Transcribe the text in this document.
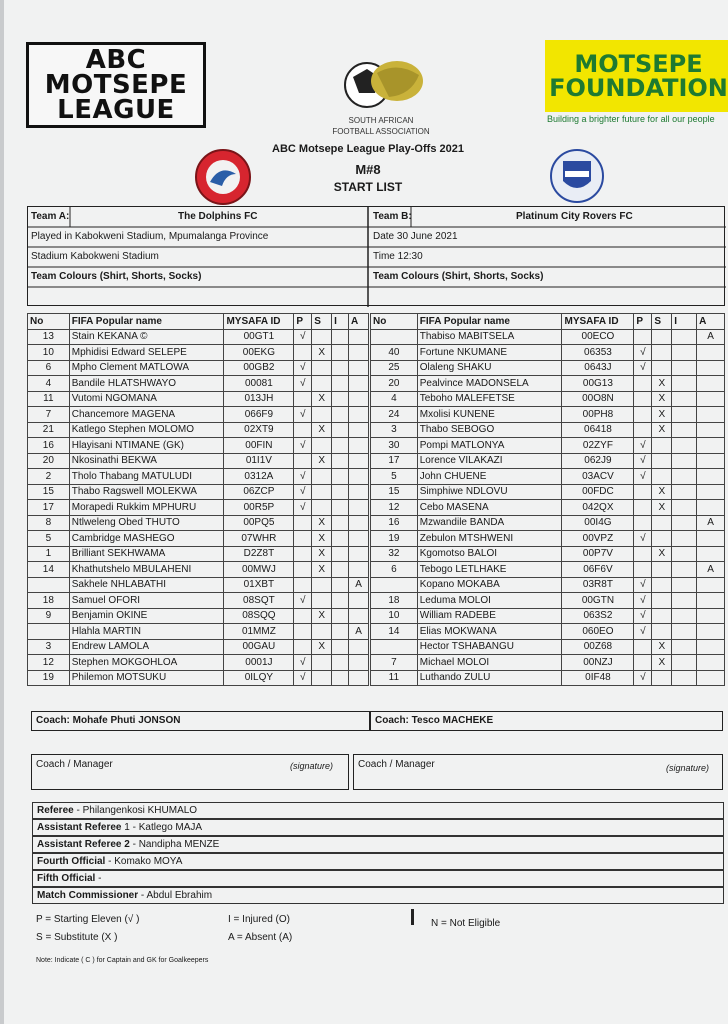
ABC
MOTSEPE
LEAGUE	SOUTH AFRICAN
FOOTBALL ASSOCIATION
MOTSEPE
FOUNDATION
Building a brighter future for all our people
ABC Motsepe League Play-Offs 2021
M#8
START LIST
Team A:	The Dolphins FC	Team B:	Platinum City Rovers FC
Played in Kabokweni Stadium, Mpumalanga Province	Date 30 June 2021
Stadium Kabokweni Stadium	Time 12:30
Team Colours (Shirt, Shorts, Socks)	Team Colours (Shirt, Shorts, Socks)
No	FIFA Popular name	MYSAFA ID	P	S	I	A
13	Stain KEKANA ©	00GT1	√			
10	Mphidisi Edward SELEPE	00EKG		X		
6	Mpho Clement MATLOWA	00GB2	√			
4	Bandile HLATSHWAYO	00081	√			
11	Vutomi NGOMANA	013JH		X		
7	Chancemore MAGENA	066F9	√			
21	Katlego Stephen MOLOMO	02XT9		X		
16	Hlayisani NTIMANE (GK)	00FIN	√			
20	Nkosinathi BEKWA	01I1V		X		
2	Tholo Thabang MATULUDI	0312A	√			
15	Thabo Ragswell MOLEKWA	06ZCP	√			
17	Morapedi Rukkim MPHURU	00R5P	√			
8	Ntlweleng Obed THUTO	00PQ5		X		
5	Cambridge MASHEGO	07WHR		X		
1	Brilliant SEKHWAMA	D2Z8T		X		
14	Khathutshelo MBULAHENI	00MWJ		X		
	Sakhele NHLABATHI	01XBT				A
18	Samuel OFORI	08SQT	√			
9	Benjamin OKINE	08SQQ		X		
	Hlahla MARTIN	01MMZ				A
3	Endrew LAMOLA	00GAU		X		
12	Stephen MOKGOHLOA	0001J	√			
19	Philemon MOTSUKU	0ILQY	√			
No	FIFA Popular name	MYSAFA ID	P	S	I	A
	Thabiso MABITSELA	00ECO				A
40	Fortune NKUMANE	06353	√			
25	Olaleng SHAKU	0643J	√			
20	Pealvince MADONSELA	00G13		X		
4	Teboho MALEFETSE	00O8N		X		
24	Mxolisi KUNENE	00PH8		X		
3	Thabo SEBOGO	06418		X		
30	Pompi MATLONYA	02ZYF	√			
17	Lorence VILAKAZI	062J9	√			
5	John CHUENE	03ACV	√			
15	Simphiwe NDLOVU	00FDC		X		
12	Cebo MASENA	042QX		X		
16	Mzwandile BANDA	00I4G				A
19	Zebulon MTSHWENI	00VPZ	√			
32	Kgomotso BALOI	00P7V		X		
6	Tebogo LETLHAKE	06F6V				A
	Kopano MOKABA	03R8T	√			
18	Leduma MOLOI	00GTN	√			
10	William RADEBE	063S2	√			
14	Elias MOKWANA	060EO	√			
	Hector TSHABANGU	00Z68		X		
7	Michael MOLOI	00NZJ		X		
11	Luthando ZULU	0IF48	√			
Coach: Mohafe Phuti JONSON	Coach: Tesco MACHEKE
Coach / Manager	(signature) Coach / Manager	(signature)
Referee - Philangenkosi KHUMALO
Assistant Referee 1 - Katlego MAJA
Assistant Referee 2 - Nandipha MENZE
Fourth Official - Komako MOYA
Fifth Official -
Match Commissioner - Abdul Ebrahim
P = Starting Eleven (√ )
S = Substitute (X )
I = Injured (O)
A = Absent (A)
N = Not Eligible
Note: Indicate ( C ) for Captain and GK for Goalkeepers
